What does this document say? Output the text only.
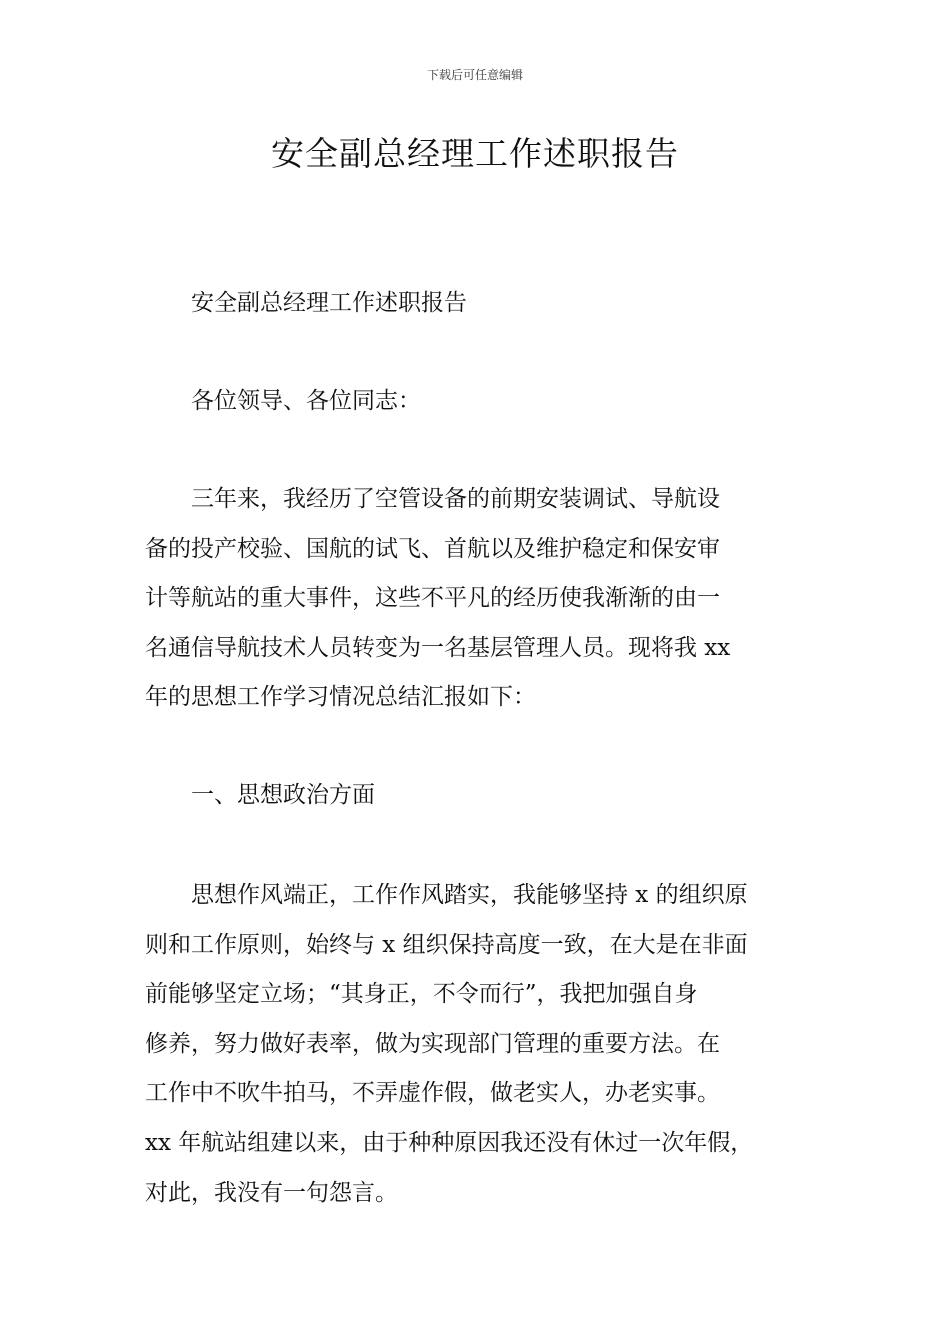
下载后可任意编辑
安全副总经理工作述职报告

安全副总经理工作述职报告

各位领导、各位同志：

三年来，我经历了空管设备的前期安装调试、导航设
备的投产校验、国航的试飞、首航以及维护稳定和保安审
计等航站的重大事件，这些不平凡的经历使我渐渐的由一
名通信导航技术人员转变为一名基层管理人员。现将我 xx
年的思想工作学习情况总结汇报如下：

一、思想政治方面

思想作风端正，工作作风踏实，我能够坚持 x 的组织原
则和工作原则，始终与 x 组织保持高度一致，在大是在非面
前能够坚定立场；“其身正，不令而行”，我把加强自身
修养，努力做好表率，做为实现部门管理的重要方法。在
工作中不吹牛拍马，不弄虚作假，做老实人，办老实事。
xx 年航站组建以来，由于种种原因我还没有休过一次年假，
对此，我没有一句怨言。
